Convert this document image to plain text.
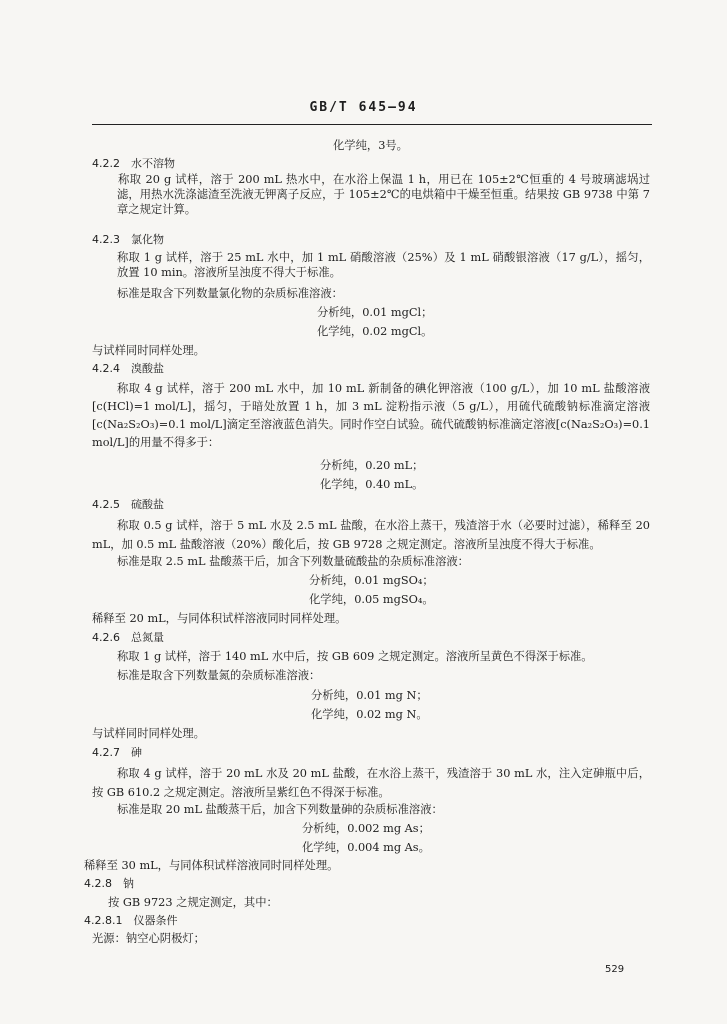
GB/T 645—94
化学纯，3号。
4.2.2　水不溶物
称取 20 g 试样，溶于 200 mL 热水中，在水浴上保温 1 h，用已在 105±2℃恒重的 4 号玻璃滤埚过滤，用热水洗涤滤渣至洗液无钾离子反应，于 105±2℃的电烘箱中干燥至恒重。结果按 GB 9738 中第 7 章之规定计算。
4.2.3　氯化物
称取 1 g 试样，溶于 25 mL 水中，加 1 mL 硝酸溶液（25%）及 1 mL 硝酸银溶液（17 g/L），摇匀，放置 10 min。溶液所呈浊度不得大于标准。
标准是取含下列数量氯化物的杂质标准溶液：
分析纯，0.01 mgCl；
化学纯，0.02 mgCl。
与试样同时同样处理。
4.2.4　溴酸盐
称取 4 g 试样，溶于 200 mL 水中，加 10 mL 新制备的碘化钾溶液（100 g/L），加 10 mL 盐酸溶液[c(HCl)=1 mol/L]，摇匀，于暗处放置 1 h，加 3 mL 淀粉指示液（5 g/L），用硫代硫酸钠标准滴定溶液[c(Na₂S₂O₃)=0.1 mol/L]滴定至溶液蓝色消失。同时作空白试验。硫代硫酸钠标准滴定溶液[c(Na₂S₂O₃)=0.1 mol/L]的用量不得多于：
分析纯，0.20 mL；
化学纯，0.40 mL。
4.2.5　硫酸盐
称取 0.5 g 试样，溶于 5 mL 水及 2.5 mL 盐酸，在水浴上蒸干，残渣溶于水（必要时过滤），稀释至 20 mL，加 0.5 mL 盐酸溶液（20%）酸化后，按 GB 9728 之规定测定。溶液所呈浊度不得大于标准。
标准是取 2.5 mL 盐酸蒸干后，加含下列数量硫酸盐的杂质标准溶液：
分析纯，0.01 mgSO₄；
化学纯，0.05 mgSO₄。
稀释至 20 mL，与同体积试样溶液同时同样处理。
4.2.6　总氮量
称取 1 g 试样，溶于 140 mL 水中后，按 GB 609 之规定测定。溶液所呈黄色不得深于标准。
标准是取含下列数量氮的杂质标准溶液：
分析纯，0.01 mg N；
化学纯，0.02 mg N。
与试样同时同样处理。
4.2.7　砷
称取 4 g 试样，溶于 20 mL 水及 20 mL 盐酸，在水浴上蒸干，残渣溶于 30 mL 水，注入定砷瓶中后，按 GB 610.2 之规定测定。溶液所呈紫红色不得深于标准。
标准是取 20 mL 盐酸蒸干后，加含下列数量砷的杂质标准溶液：
分析纯，0.002 mg As；
化学纯，0.004 mg As。
稀释至 30 mL，与同体积试样溶液同时同样处理。
4.2.8　钠
按 GB 9723 之规定测定，其中：
4.2.8.1　仪器条件
光源：钠空心阴极灯；
529
